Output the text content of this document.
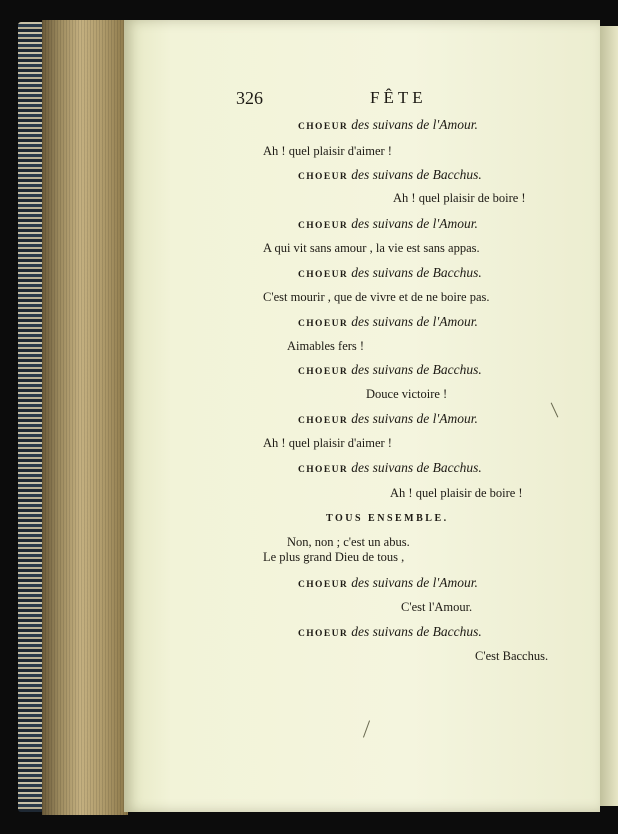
326	FÊTE
CHOEUR des suivans de l'Amour.
Ah ! quel plaisir d'aimer !
CHOEUR des suivans de Bacchus.
Ah ! quel plaisir de boire !
CHOEUR des suivans de l'Amour.
A qui vit sans amour , la vie est sans appas.
CHOEUR des suivans de Bacchus.
C'est mourir , que de vivre et de ne boire pas.
CHOEUR des suivans de l'Amour.
Aimables fers !
CHOEUR des suivans de Bacchus.
Douce victoire !
CHOEUR des suivans de l'Amour.
Ah ! quel plaisir d'aimer !
CHOEUR des suivans de Bacchus.
Ah ! quel plaisir de boire !
TOUS ENSEMBLE.
Non, non ; c'est un abus.
Le plus grand Dieu de tous ,
CHOEUR des suivans de l'Amour.
C'est l'Amour.
CHOEUR des suivans de Bacchus.
C'est Bacchus.
